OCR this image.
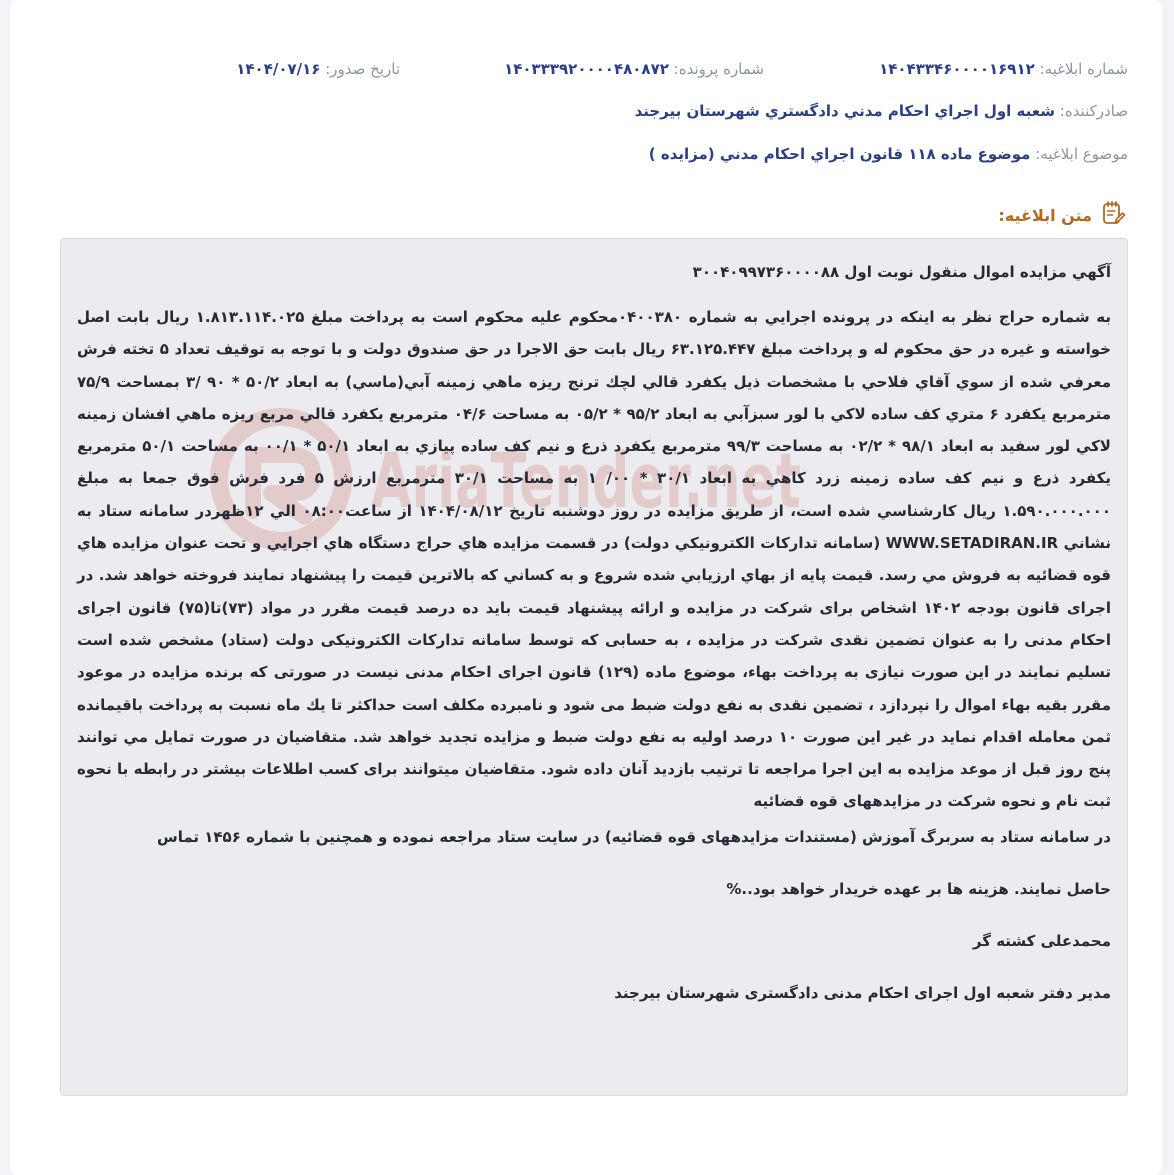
شماره ابلاغیه: ۱۴۰۴۳۳۴۶۰۰۰۰۱۶۹۱۲
شماره پرونده: ۱۴۰۳۳۳۹۲۰۰۰۰۴۸۰۸۷۲
تاریخ صدور: ۱۴۰۴/۰۷/۱۶
صادرکننده: شعبه اول اجراي احكام مدني دادگستري شهرستان بيرجند
موضوع ابلاغیه: موضوع ماده ۱۱۸ قانون اجراي احكام مدني (مزايده )
متن ابلاغیه:
AriaTender.net
آگهي مزايده اموال منقول نوبت اول ۳۰۰۴۰۹۹۷۳۶۰۰۰۰۸۸
به شماره حراج نظر به اینکه در پرونده اجرايي به شماره ۰۴۰۰۳۸۰محکوم عليه محکوم است به پرداخت مبلغ ۱.۸۱۳.۱۱۴.۰۲۵ ريال بابت اصل خواسته و غيره در حق محکوم له و پرداخت مبلغ ۶۳.۱۲۵.۴۴۷ ريال بابت حق الاجرا در حق صندوق دولت و با توجه به توقيف تعداد ۵ تخته فرش معرفي شده از سوي آقاي فلاحي با مشخصات ذيل يكفرد قالي لچك ترنج ريزه ماهي زمينه آبي(ماسي) به ابعاد ۵۰/۲ * ۹۰ /۳ بمساحت ۷۵/۹ مترمربع يكفرد ۶ متري كف ساده لاكي با لور سبزآبي به ابعاد ۹۵/۲ * ۰۵/۲ به مساحت ۰۴/۶ مترمربع يكفرد قالي مربع ريزه ماهي افشان زمينه لاكي لور سفيد به ابعاد ۹۸/۱ * ۰۲/۲ به مساحت ۹۹/۳ مترمربع يكفرد ذرع و نيم كف ساده پيازي به ابعاد ۵۰/۱ * ۰۰/۱ به مساحت ۵۰/۱ مترمربع يكفرد ذرع و نيم كف ساده زمينه زرد كاهي به ابعاد ۳۰/۱ * ۰۰/ ۱ به مساحت ۳۰/۱ مترمربع ارزش ۵ فرد فرش فوق جمعا به مبلغ ۱.۵۹۰.۰۰۰.۰۰۰ ريال كارشناسي شده است، از طريق مزايده در روز دوشنبه تاريخ ۱۴۰۴/۰۸/۱۲ از ساعت۰۸:۰۰ الي ۱۲ظهردر سامانه ستاد به نشاني WWW.SETADIRAN.IR (سامانه تدارکات الکترونيکي دولت) در قسمت مزايده هاي حراج دستگاه هاي اجرايي و تحت عنوان مزايده هاي قوه قضائيه به فروش مي رسد. قيمت پايه از بهاي ارزيابي شده شروع و به کساني که بالاترين قيمت را پيشنهاد نمايند فروخته خواهد شد. در اجرای قانون بودجه ۱۴۰۲ اشخاص برای شرکت در مزایده و ارائه پیشنهاد قیمت باید ده درصد قیمت مقرر در مواد (۷۳)تا(۷۵) قانون اجرای احکام مدنی را به عنوان تضمین نقدی شرکت در مزایده ، به حسابی که توسط سامانه تدارکات الکترونیکی دولت (ستاد) مشخص شده است تسلیم نمایند در این صورت نیازی به پرداخت بهاء، موضوع ماده (۱۲۹) قانون اجرای احکام مدنی نیست در صورتی که برنده مزایده در موعود مقرر بقیه بهاء اموال را نپردازد ، تضمین نقدی به نفع دولت ضبط می شود و نامبرده مکلف است حداکثر تا یك ماه نسبت به پرداخت باقیمانده ثمن معامله اقدام نماید در غیر این صورت ۱۰ درصد اولیه به نفع دولت ضبط و مزایده تجدید خواهد شد. متقاضيان در صورت تمايل مي توانند پنج روز قبل از موعد مزايده به اين اجرا مراجعه تا ترتيب بازديد آنان داده شود. متقاضیان میتوانند برای کسب اطلاعات بیشتر در رابطه با نحوه ثبت نام و نحوه شرکت در مزایدههای قوه قضائیه
در سامانه ستاد به سربرگ آموزش (مستندات مزایدههای قوه قضائیه) در سایت ستاد مراجعه نموده و همچنین با شماره ۱۴۵۶ تماس
حاصل نمایند. هزینه ها بر عهده خریدار خواهد بود..%
محمدعلی کشته گر
مدیر دفتر شعبه اول اجرای احکام مدنی دادگستری شهرستان بیرجند
